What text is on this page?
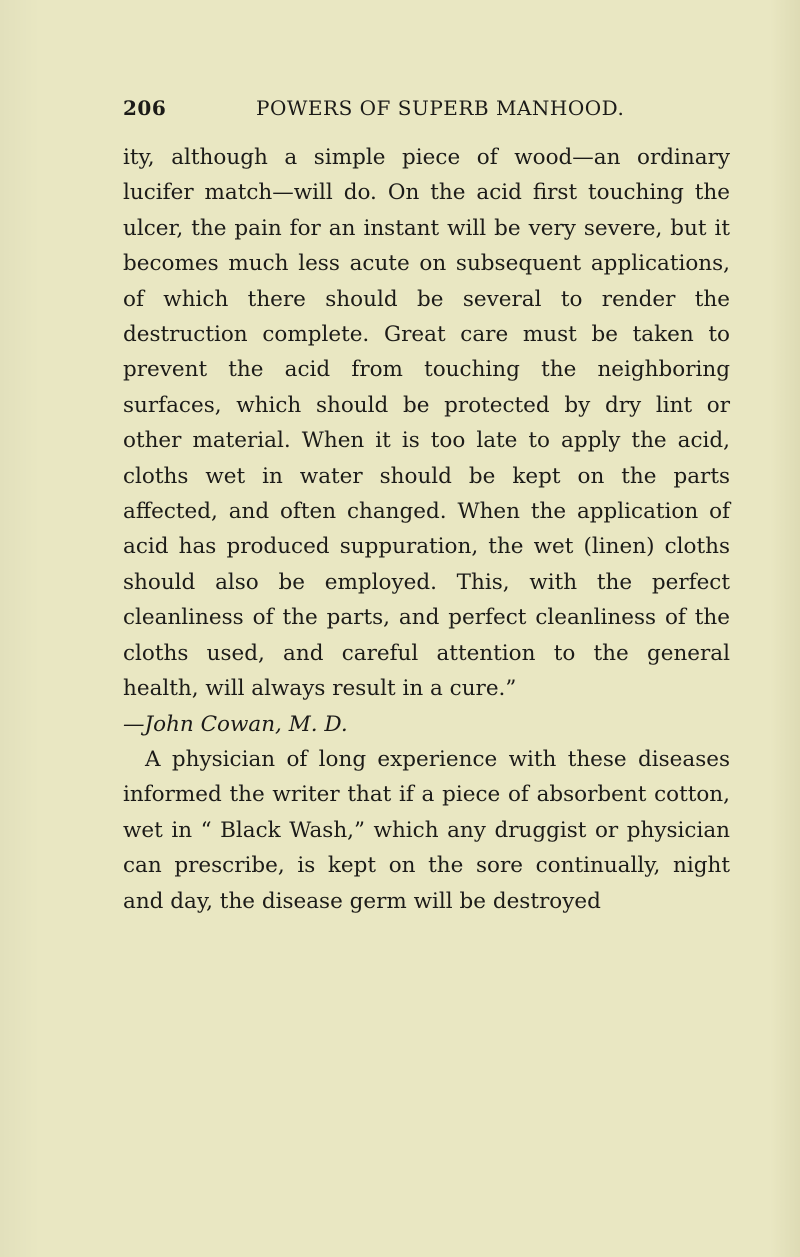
206	POWERS OF SUPERB MANHOOD.

ity, although a simple piece of wood—an ordinary lucifer match—will do. On the acid first touching the ulcer, the pain for an instant will be very severe, but it becomes much less acute on subsequent applications, of which there should be several to render the destruction complete. Great care must be taken to prevent the acid from touching the neighboring surfaces, which should be protected by dry lint or other material. When it is too late to apply the acid, cloths wet in water should be kept on the parts affected, and often changed. When the application of acid has produced suppuration, the wet (linen) cloths should also be employed. This, with the perfect cleanliness of the parts, and perfect cleanliness of the cloths used, and careful attention to the general health, will always result in a cure.”

—John Cowan, M. D.

A physician of long experience with these diseases informed the writer that if a piece of absorbent cotton, wet in “ Black Wash,” which any druggist or physician can prescribe, is kept on the sore continually, night and day, the disease germ will be destroyed
